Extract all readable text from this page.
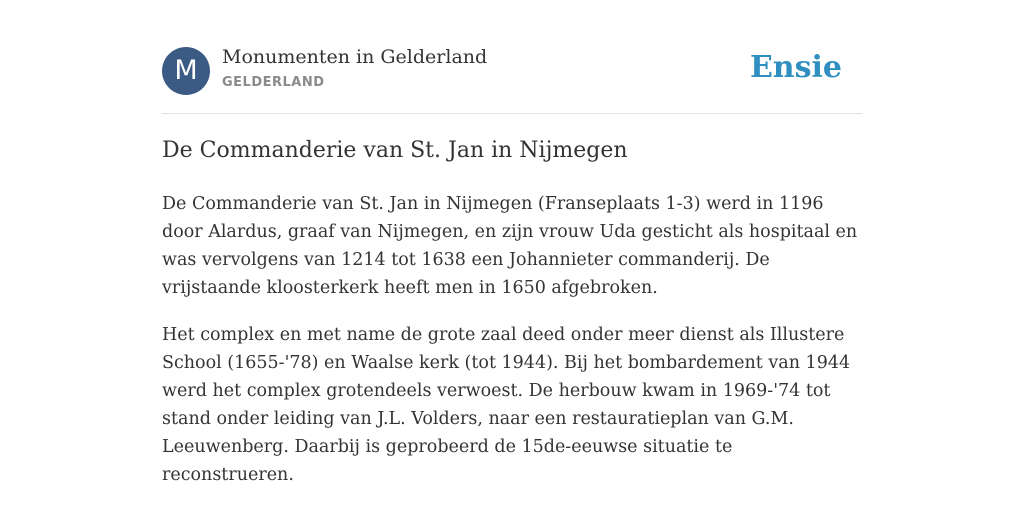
M	Monumenten in Gelderland
GELDERLAND	Ensie
De Commanderie van St. Jan in Nijmegen

De Commanderie van St. Jan in Nijmegen (Franseplaats 1-3) werd in 1196 door Alardus, graaf van Nijmegen, en zijn vrouw Uda gesticht als hospitaal en was vervolgens van 1214 tot 1638 een Johannieter commanderij. De vrijstaande kloosterkerk heeft men in 1650 afgebroken.

Het complex en met name de grote zaal deed onder meer dienst als Illustere School (1655-'78) en Waalse kerk (tot 1944). Bij het bombardement van 1944 werd het complex grotendeels verwoest. De herbouw kwam in 1969-'74 tot stand onder leiding van J.L. Volders, naar een restauratieplan van G.M. Leeuwenberg. Daarbij is geprobeerd de 15de-eeuwse situatie te reconstrueren.
